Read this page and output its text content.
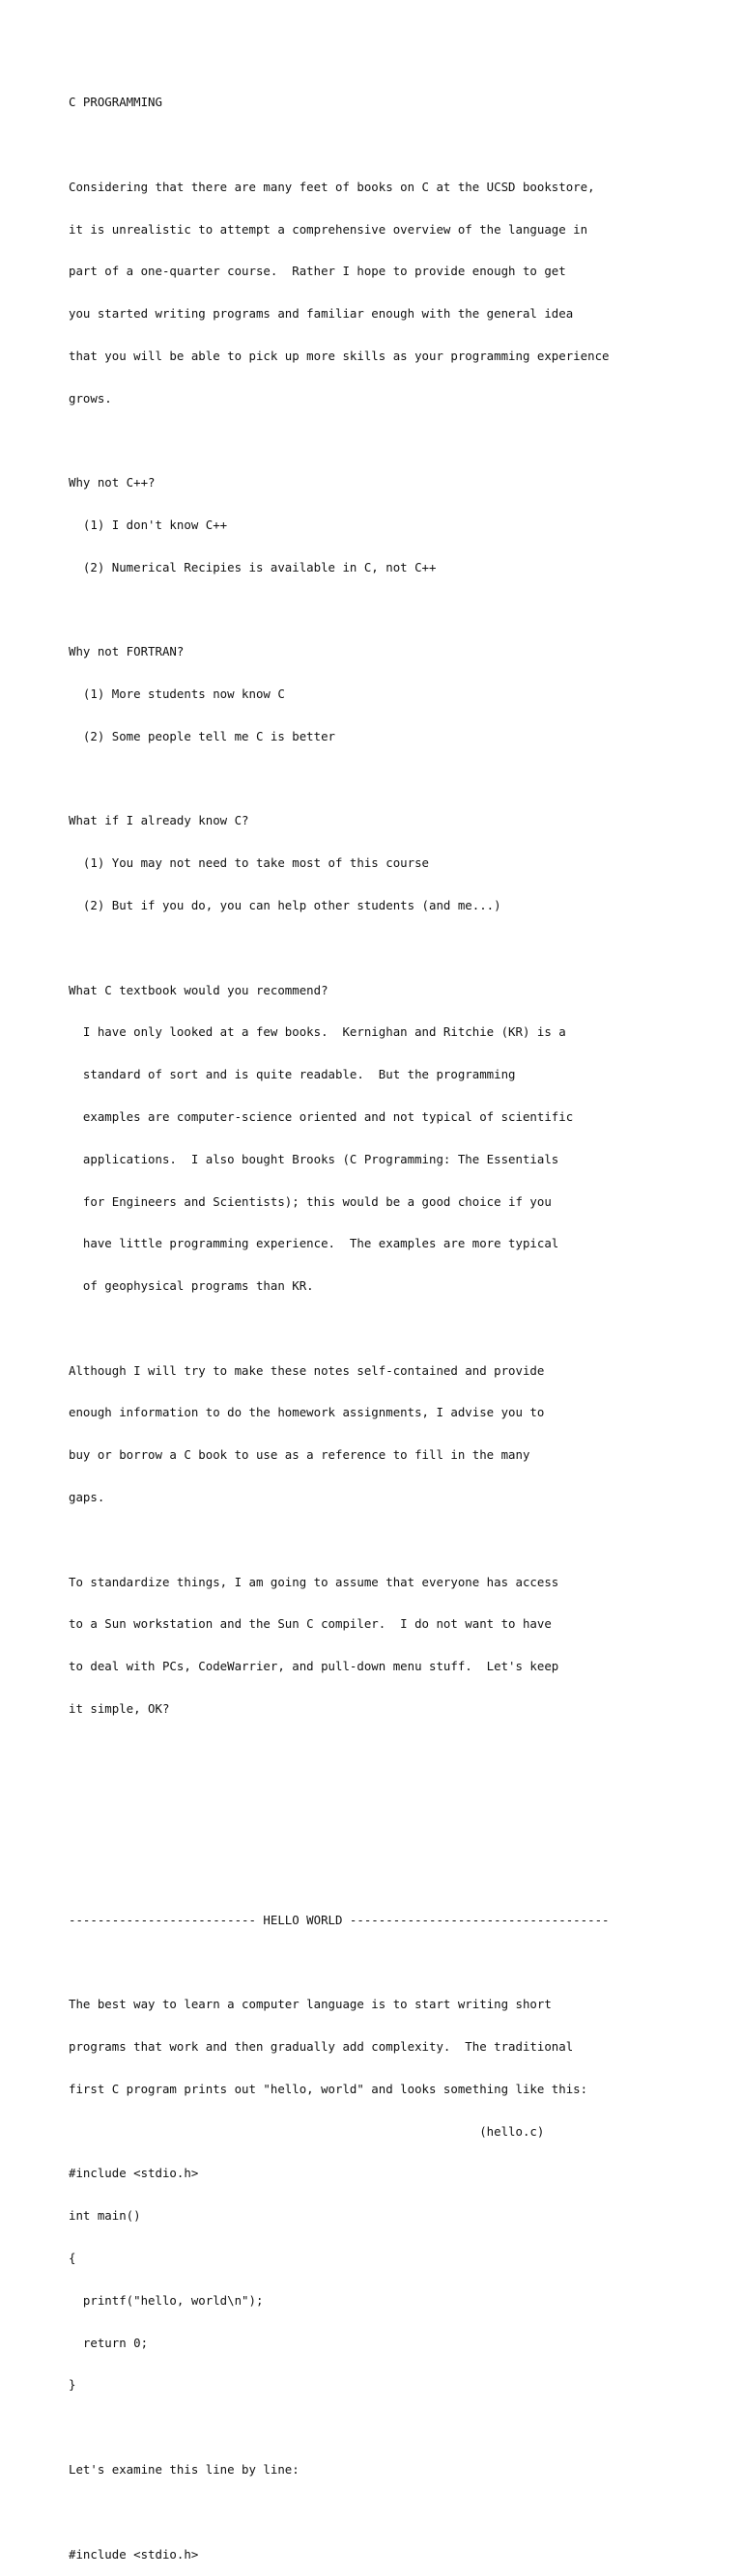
C PROGRAMMING

Considering that there are many feet of books on C at the UCSD bookstore,

it is unrealistic to attempt a comprehensive overview of the language in

part of a one-quarter course.  Rather I hope to provide enough to get

you started writing programs and familiar enough with the general idea

that you will be able to pick up more skills as your programming experience

grows.

Why not C++?

(1) I don't know C++

(2) Numerical Recipies is available in C, not C++

Why not FORTRAN?

(1) More students now know C

(2) Some people tell me C is better

What if I already know C?

(1) You may not need to take most of this course

(2) But if you do, you can help other students (and me...)

What C textbook would you recommend?

I have only looked at a few books.  Kernighan and Ritchie (KR) is a

standard of sort and is quite readable.  But the programming

examples are computer-science oriented and not typical of scientific

applications.  I also bought Brooks (C Programming: The Essentials

for Engineers and Scientists); this would be a good choice if you

have little programming experience.  The examples are more typical

of geophysical programs than KR.

Although I will try to make these notes self-contained and provide

enough information to do the homework assignments, I advise you to

buy or borrow a C book to use as a reference to fill in the many

gaps.

To standardize things, I am going to assume that everyone has access

to a Sun workstation and the Sun C compiler.  I do not want to have

to deal with PCs, CodeWarrier, and pull-down menu stuff.  Let's keep

it simple, OK?

-------------------------- HELLO WORLD ------------------------------------

The best way to learn a computer language is to start writing short

programs that work and then gradually add complexity.  The traditional

first C program prints out "hello, world" and looks something like this:

(hello.c)

#include <stdio.h>

int main()

{

printf("hello, world\n");

return 0;

}

Let's examine this line by line:

#include <stdio.h>
